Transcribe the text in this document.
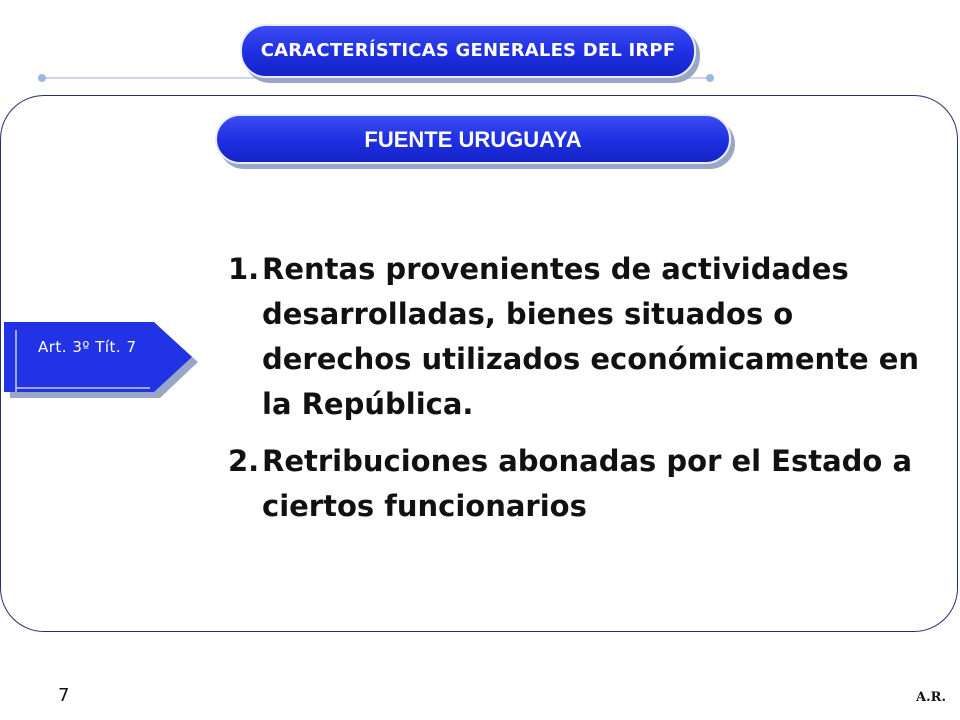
CARACTERÍSTICAS GENERALES DEL IRPF
FUENTE URUGUAYA
Art. 3º Tít. 7
1. Rentas provenientes de actividades desarrolladas, bienes situados o derechos utilizados económicamente en la República.
2. Retribuciones abonadas por el Estado a ciertos funcionarios
7	A.R.
